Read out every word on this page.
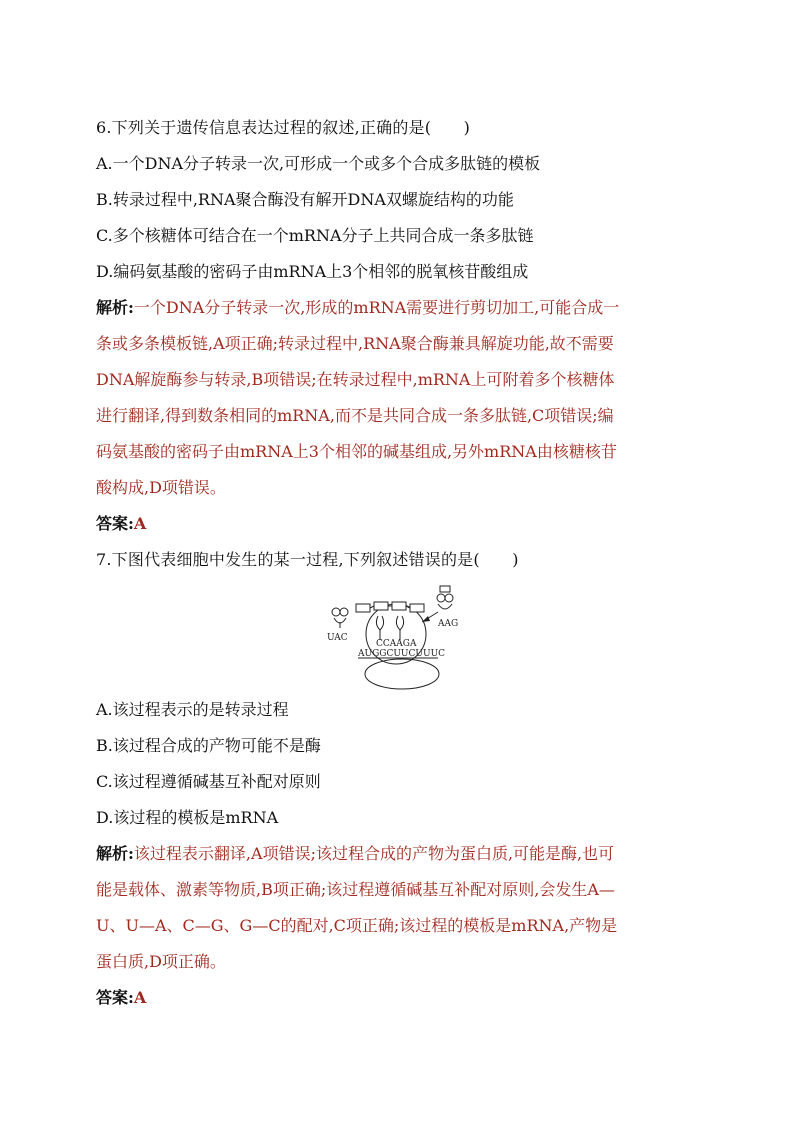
6.下列关于遗传信息表达过程的叙述,正确的是(　　)
A.一个DNA分子转录一次,可形成一个或多个合成多肽链的模板
B.转录过程中,RNA聚合酶没有解开DNA双螺旋结构的功能
C.多个核糖体可结合在一个mRNA分子上共同合成一条多肽链
D.编码氨基酸的密码子由mRNA上3个相邻的脱氧核苷酸组成
解析:一个DNA分子转录一次,形成的mRNA需要进行剪切加工,可能合成一
条或多条模板链,A项正确;转录过程中,RNA聚合酶兼具解旋功能,故不需要
DNA解旋酶参与转录,B项错误;在转录过程中,mRNA上可附着多个核糖体
进行翻译,得到数条相同的mRNA,而不是共同合成一条多肽链,C项错误;编
码氨基酸的密码子由mRNA上3个相邻的碱基组成,另外mRNA由核糖核苷
酸构成,D项错误。
答案:A
7.下图代表细胞中发生的某一过程,下列叙述错误的是(　　)
UAC
AAG
CCAAGA
AUGGCUUCUUUC
A.该过程表示的是转录过程
B.该过程合成的产物可能不是酶
C.该过程遵循碱基互补配对原则
D.该过程的模板是mRNA
解析:该过程表示翻译,A项错误;该过程合成的产物为蛋白质,可能是酶,也可
能是载体、激素等物质,B项正确;该过程遵循碱基互补配对原则,会发生A—
U、U—A、C—G、G—C的配对,C项正确;该过程的模板是mRNA,产物是
蛋白质,D项正确。
答案:A
